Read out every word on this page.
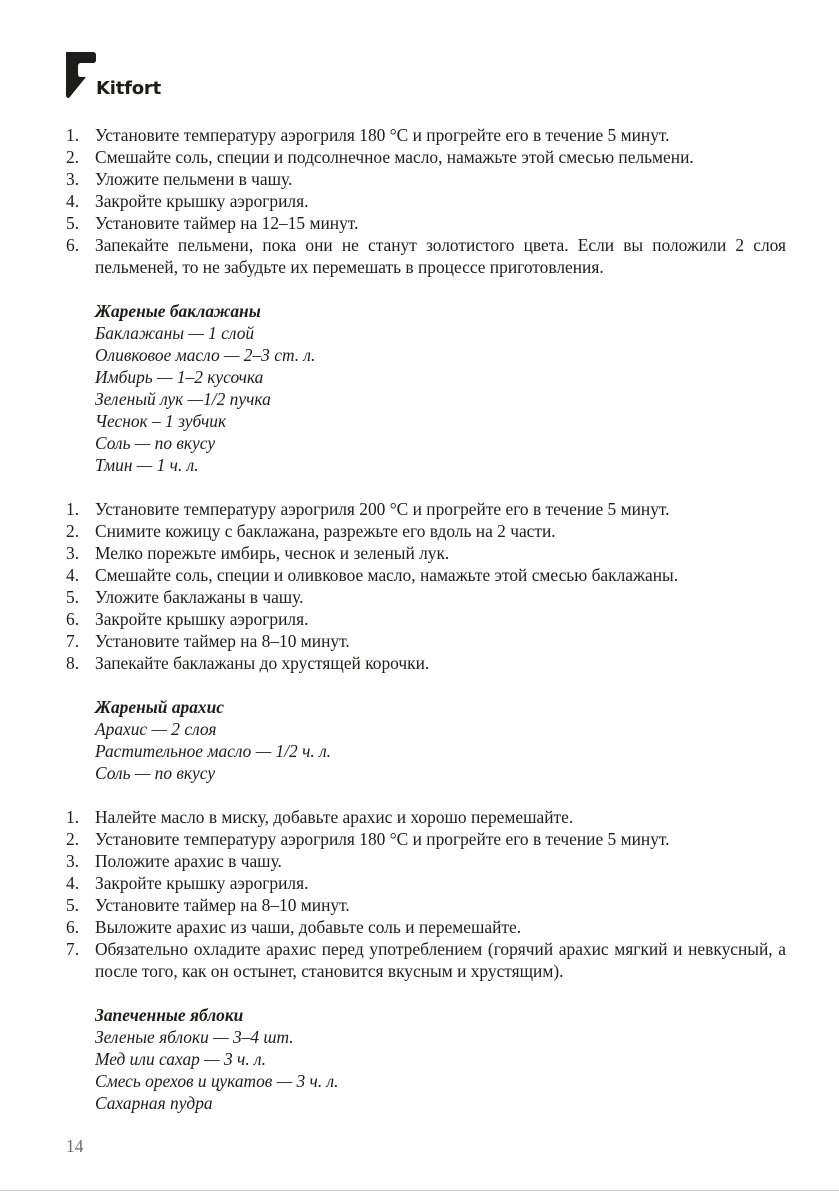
Kitfort
1. Установите температуру аэрогриля 180 °С и прогрейте его в течение 5 минут.
2. Смешайте соль, специи и подсолнечное масло, намажьте этой смесью пельмени.
3. Уложите пельмени в чашу.
4. Закройте крышку аэрогриля.
5. Установите таймер на 12–15 минут.
6. Запекайте пельмени, пока они не станут золотистого цвета. Если вы положили 2 слоя пельменей, то не забудьте их перемешать в процессе приготовления.
Жареные баклажаны
Баклажаны — 1 слой
Оливковое масло — 2–3 ст. л.
Имбирь — 1–2 кусочка
Зеленый лук —1/2 пучка
Чеснок – 1 зубчик
Соль — по вкусу
Тмин — 1 ч. л.
1. Установите температуру аэрогриля 200 °С и прогрейте его в течение 5 минут.
2. Снимите кожицу с баклажана, разрежьте его вдоль на 2 части.
3. Мелко порежьте имбирь, чеснок и зеленый лук.
4. Смешайте соль, специи и оливковое масло, намажьте этой смесью баклажаны.
5. Уложите баклажаны в чашу.
6. Закройте крышку аэрогриля.
7. Установите таймер на 8–10 минут.
8. Запекайте баклажаны до хрустящей корочки.
Жареный арахис
Арахис — 2 слоя
Растительное масло — 1/2 ч. л.
Соль — по вкусу
1. Налейте масло в миску, добавьте арахис и хорошо перемешайте.
2. Установите температуру аэрогриля 180 °С и прогрейте его в течение 5 минут.
3. Положите арахис в чашу.
4. Закройте крышку аэрогриля.
5. Установите таймер на 8–10 минут.
6. Выложите арахис из чаши, добавьте соль и перемешайте.
7. Обязательно охладите арахис перед употреблением (горячий арахис мягкий и невкусный, а после того, как он остынет, становится вкусным и хрустящим).
Запеченные яблоки
Зеленые яблоки — 3–4 шт.
Мед или сахар — 3 ч. л.
Смесь орехов и цукатов — 3 ч. л.
Сахарная пудра
14
